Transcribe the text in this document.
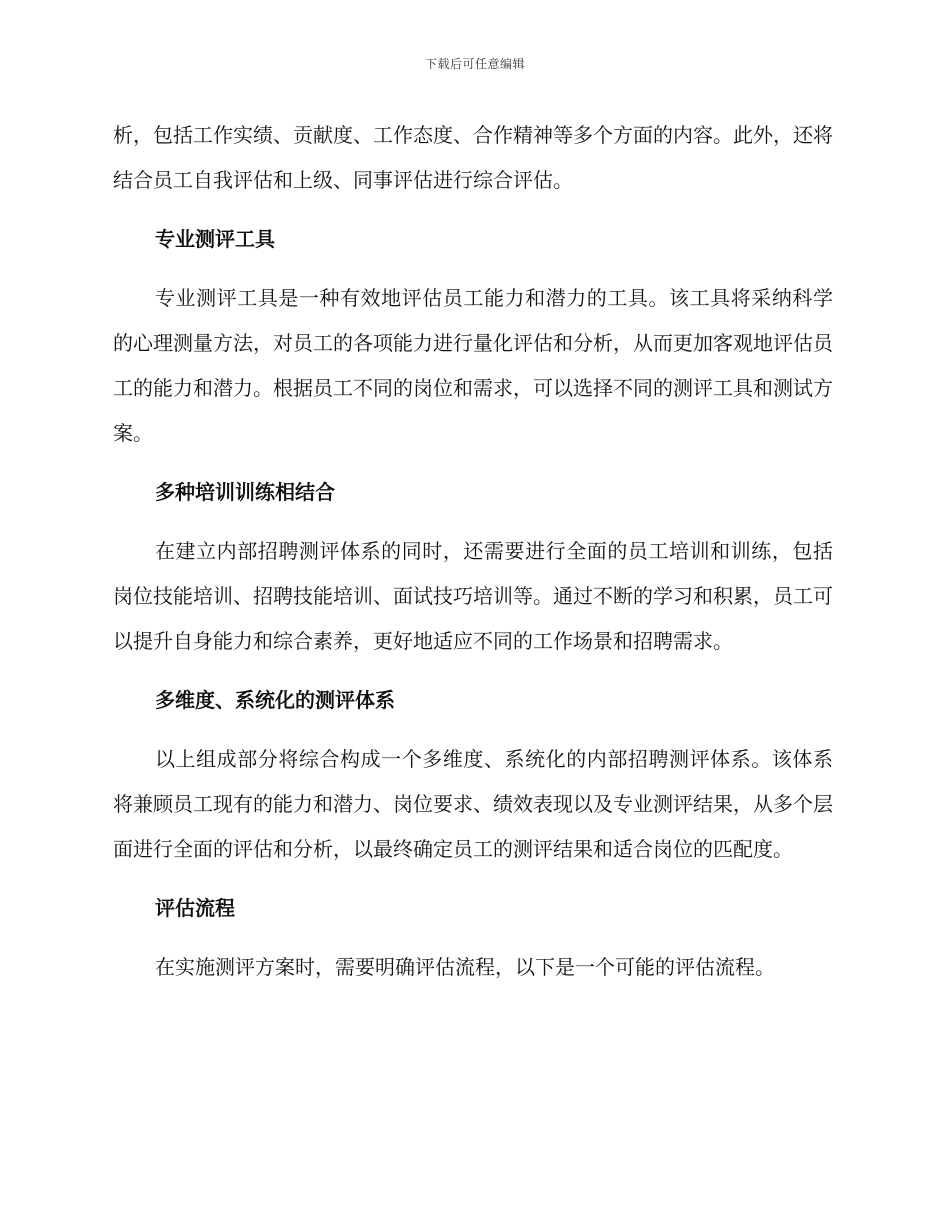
下载后可任意编辑

析，包括工作实绩、贡献度、工作态度、合作精神等多个方面的内容。此外，还将结合员工自我评估和上级、同事评估进行综合评估。

专业测评工具

专业测评工具是一种有效地评估员工能力和潜力的工具。该工具将采纳科学的心理测量方法，对员工的各项能力进行量化评估和分析，从而更加客观地评估员工的能力和潜力。根据员工不同的岗位和需求，可以选择不同的测评工具和测试方案。

多种培训训练相结合

在建立内部招聘测评体系的同时，还需要进行全面的员工培训和训练，包括岗位技能培训、招聘技能培训、面试技巧培训等。通过不断的学习和积累，员工可以提升自身能力和综合素养，更好地适应不同的工作场景和招聘需求。

多维度、系统化的测评体系

以上组成部分将综合构成一个多维度、系统化的内部招聘测评体系。该体系将兼顾员工现有的能力和潜力、岗位要求、绩效表现以及专业测评结果，从多个层面进行全面的评估和分析，以最终确定员工的测评结果和适合岗位的匹配度。

评估流程

在实施测评方案时，需要明确评估流程，以下是一个可能的评估流程。
